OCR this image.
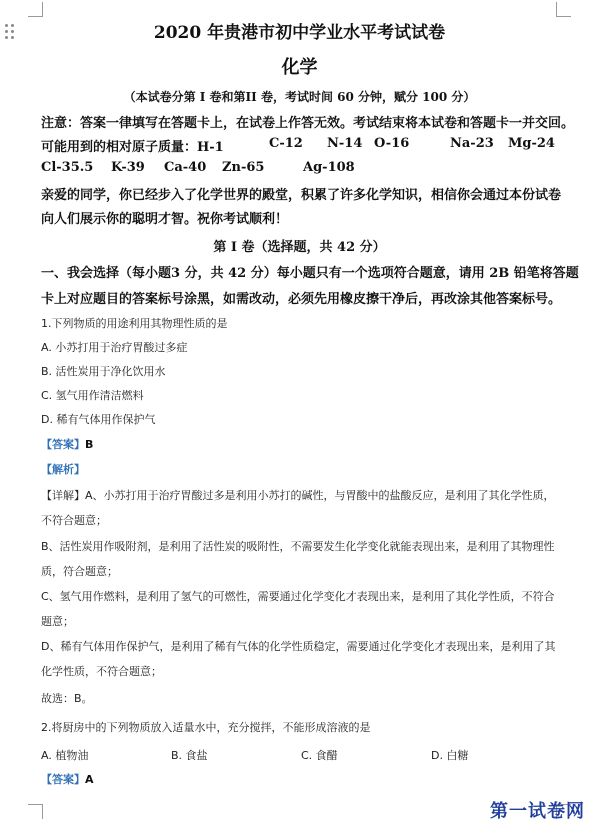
2020 年贵港市初中学业水平考试试卷
化学
（本试卷分第 I 卷和第II 卷，考试时间 60 分钟，赋分 100 分）
注意：答案一律填写在答题卡上，在试卷上作答无效。考试结束将本试卷和答题卡一并交回。
可能用到的相对原子质量：H-1	C-12 N-14 O-16	Na-23 Mg-24
Cl-35.5 K-39 Ca-40 Zn-65	Ag-108
亲爱的同学，你已经步入了化学世界的殿堂，积累了许多化学知识，相信你会通过本份试卷
向人们展示你的聪明才智。祝你考试顺利！
第 I 卷（选择题，共 42 分）
一、我会选择（每小题3 分，共 42 分）每小题只有一个选项符合题意，请用 2B 铅笔将答题
卡上对应题目的答案标号涂黑，如需改动，必须先用橡皮擦干净后，再改涂其他答案标号。
1.下列物质的用途利用其物理性质的是
A. 小苏打用于治疗胃酸过多症
B. 活性炭用于净化饮用水
C. 氢气用作清洁燃料
D. 稀有气体用作保护气
【答案】B
【解析】
【详解】A、小苏打用于治疗胃酸过多是利用小苏打的碱性，与胃酸中的盐酸反应，是利用了其化学性质，
不符合题意；
B、活性炭用作吸附剂，是利用了活性炭的吸附性，不需要发生化学变化就能表现出来，是利用了其物理性
质，符合题意；
C、氢气用作燃料，是利用了氢气的可燃性，需要通过化学变化才表现出来，是利用了其化学性质，不符合
题意；
D、稀有气体用作保护气，是利用了稀有气体的化学性质稳定，需要通过化学变化才表现出来，是利用了其
化学性质，不符合题意；
故选：B。
2.将厨房中的下列物质放入适量水中，充分搅拌，不能形成溶液的是
A. 植物油	B. 食盐	C. 食醋	D. 白糖
【答案】A
第一试卷网
